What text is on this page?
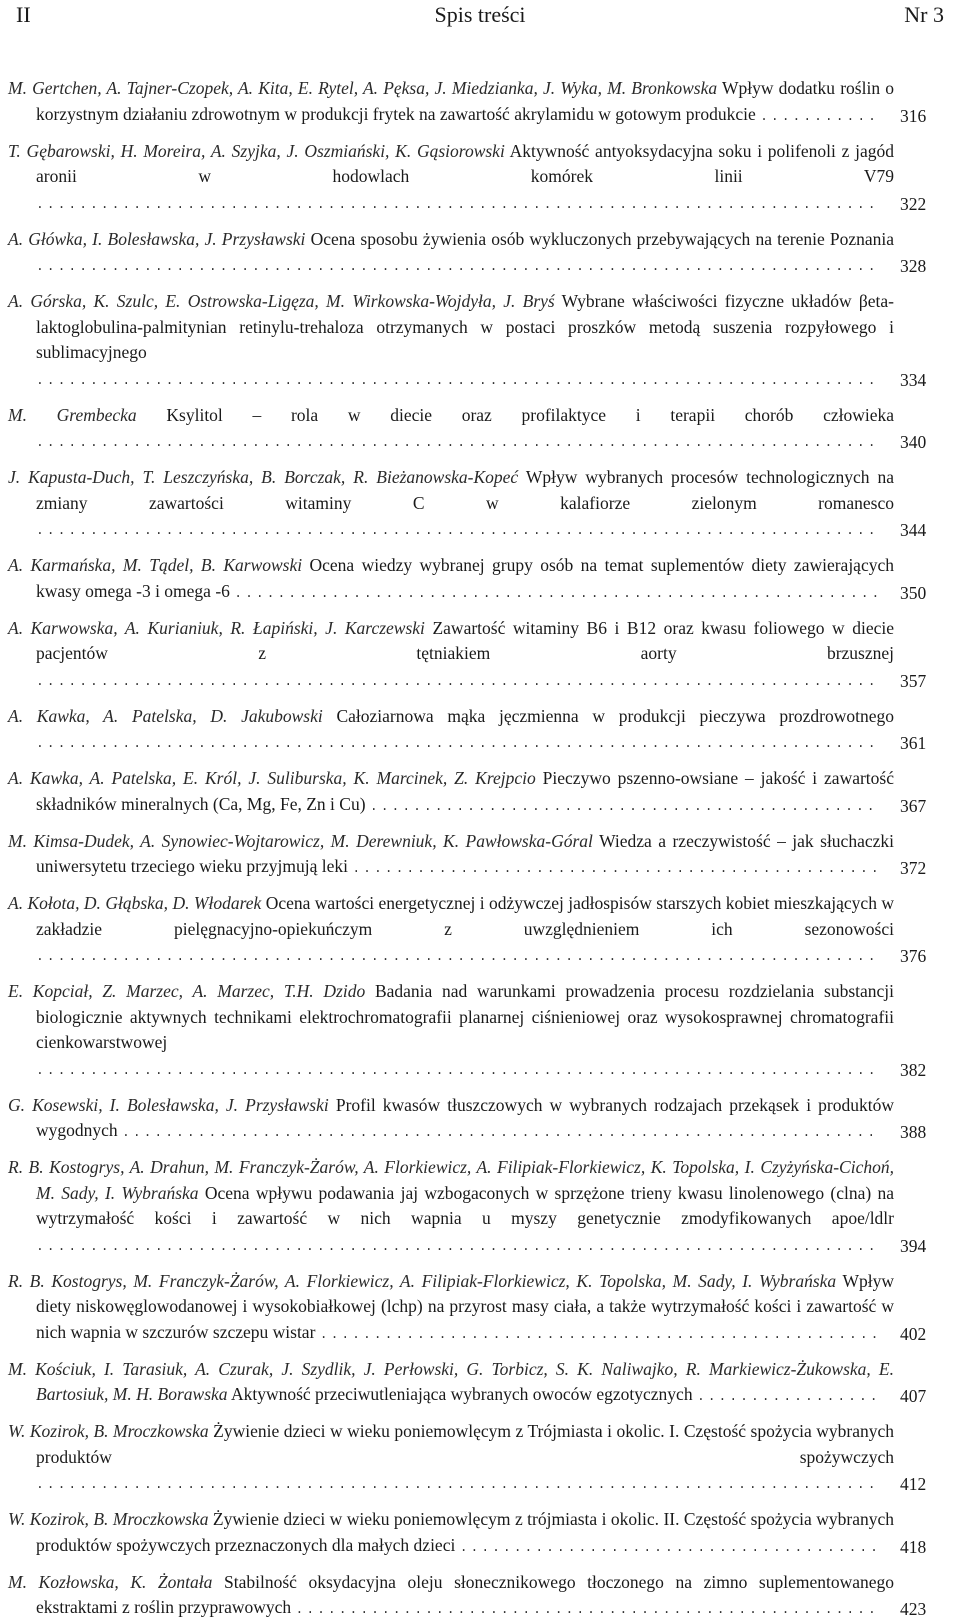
II	Spis treści	Nr 3
M. Gertchen, A. Tajner-Czopek, A. Kita, E. Rytel, A. Pęksa, J. Miedzianka, J. Wyka, M. Bronkowska Wpływ dodatku roślin o korzystnym działaniu zdrowotnym w produkcji frytek na zawartość akrylamidu w gotowym produkcie ........... 316
T. Gębarowski, H. Moreira, A. Szyjka, J. Oszmiański, K. Gąsiorowski Aktywność antyoksydacyjna soku i polifenoli z jagód aronii w hodowlach komórek linii V79 .............................................................................. 322
A. Główka, I. Bolesławska, J. Przysławski Ocena sposobu żywienia osób wykluczonych przebywających na terenie Poznania .............................................................................. 328
A. Górska, K. Szulc, E. Ostrowska-Ligęza, M. Wirkowska-Wojdyła, J. Bryś Wybrane właściwości fizyczne układów βeta-laktoglobulina-palmitynian retinylu-trehaloza otrzymanych w postaci proszków metodą suszenia rozpyłowego i sublimacyjnego .............................................................................. 334
M. Grembecka Ksylitol – rola w diecie oraz profilaktyce i terapii chorób człowieka .............................................................................. 340
J. Kapusta-Duch, T. Leszczyńska, B. Borczak, R. Bieżanowska-Kopeć Wpływ wybranych procesów technologicznych na zmiany zawartości witaminy C w kalafiorze zielonym romanesco .............................................................................. 344
A. Karmańska, M. Tądel, B. Karwowski Ocena wiedzy wybranej grupy osób na temat suplementów diety zawierających kwasy omega -3 i omega -6 ............................................................ 350
A. Karwowska, A. Kurianiuk, R. Łapiński, J. Karczewski Zawartość witaminy B6 i B12 oraz kwasu foliowego w diecie pacjentów z tętniakiem aorty brzusznej .............................................................................. 357
A. Kawka, A. Patelska, D. Jakubowski Całoziarnowa mąka jęczmienna w produkcji pieczywa prozdrowotnego .............................................................................. 361
A. Kawka, A. Patelska, E. Król, J. Suliburska, K. Marcinek, Z. Krejpcio Pieczywo pszenno-owsiane – jakość i zawartość składników mineralnych (Ca, Mg, Fe, Zn i Cu) ............................................... 367
M. Kimsa-Dudek, A. Synowiec-Wojtarowicz, M. Derewniuk, K. Pawłowska-Góral Wiedza a rzeczywistość – jak słuchaczki uniwersytetu trzeciego wieku przyjmują leki ................................................. 372
A. Kołota, D. Głąbska, D. Włodarek Ocena wartości energetycznej i odżywczej jadłospisów starszych kobiet mieszkających w zakładzie pielęgnacyjno-opiekuńczym z uwzględnieniem ich sezonowości .............................................................................. 376
E. Kopciał, Z. Marzec, A. Marzec, T.H. Dzido Badania nad warunkami prowadzenia procesu rozdzielania substancji biologicznie aktywnych technikami elektrochromatografii planarnej ciśnieniowej oraz wysokosprawnej chromatografii cienkowarstwowej .............................................................................. 382
G. Kosewski, I. Bolesławska, J. Przysławski Profil kwasów tłuszczowych w wybranych rodzajach przekąsek i produktów wygodnych ...................................................................... 388
R. B. Kostogrys, A. Drahun, M. Franczyk-Żarów, A. Florkiewicz, A. Filipiak-Florkiewicz, K. Topolska, I. Czyżyńska-Cichoń, M. Sady, I. Wybrańska Ocena wpływu podawania jaj wzbogaconych w sprzężone trieny kwasu linolenowego (clna) na wytrzymałość kości i zawartość w nich wapnia u myszy genetycznie zmodyfikowanych apoe/ldlr .............................................................................. 394
R. B. Kostogrys, M. Franczyk-Żarów, A. Florkiewicz, A. Filipiak-Florkiewicz, K. Topolska, M. Sady, I. Wybrańska Wpływ diety niskowęglowodanowej i wysokobiałkowej (lchp) na przyrost masy ciała, a także wytrzymałość kości i zawartość w nich wapnia w szczurów szczepu wistar .................................................... 402
M. Kościuk, I. Tarasiuk, A. Czurak, J. Szydlik, J. Perłowski, G. Torbicz, S. K. Naliwajko, R. Markiewicz-Żukowska, E. Bartosiuk, M. H. Borawska Aktywność przeciwutleniająca wybranych owoców egzotycznych ................. 407
W. Kozirok, B. Mroczkowska Żywienie dzieci w wieku poniemowlęcym z Trójmiasta i okolic. I. Częstość spożycia wybranych produktów spożywczych .............................................................................. 412
W. Kozirok, B. Mroczkowska Żywienie dzieci w wieku poniemowlęcym z trójmiasta i okolic. II. Częstość spożycia wybranych produktów spożywczych przeznaczonych dla małych dzieci ....................................... 418
M. Kozłowska, K. Żontała Stabilność oksydacyjna oleju słonecznikowego tłoczonego na zimno suplementowanego ekstraktami z roślin przyprawowych ...................................................... 423
